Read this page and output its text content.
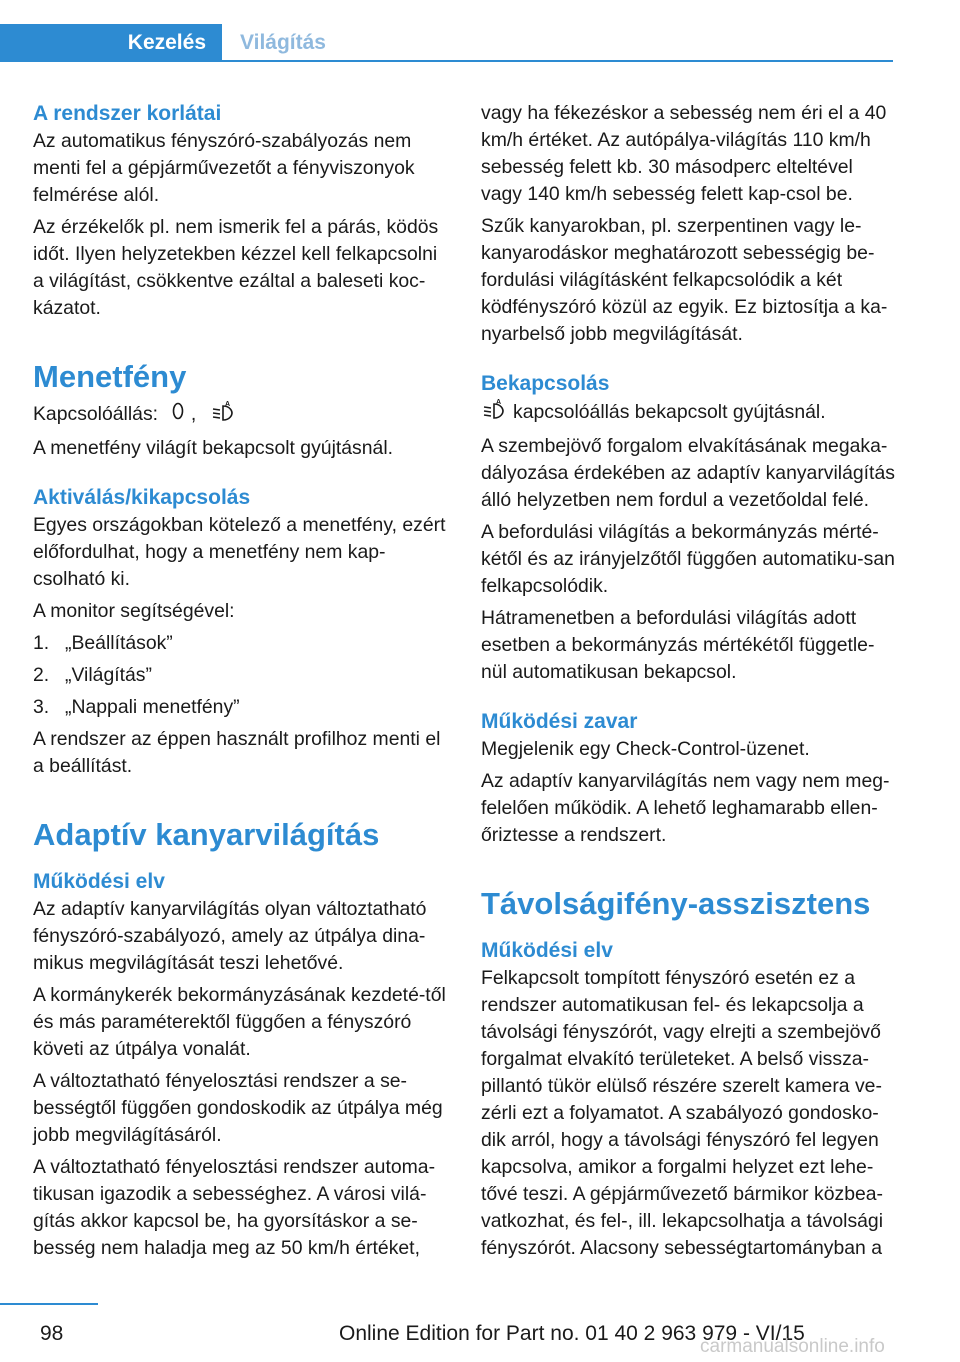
Kezelés	Világítás
A rendszer korlátai

Az automatikus fényszóró-szabályozás nem menti fel a gépjárművezetőt a fényviszonyok felmérése alól.

Az érzékelők pl. nem ismerik fel a párás, ködös időt. Ilyen helyzetekben kézzel kell felkapcsolni a világítást, csökkentve ezáltal a baleseti koc‐kázatot.

Menetfény

Kapcsolóállás: ,	A

A menetfény világít bekapcsolt gyújtásnál.

Aktiválás/kikapcsolás

Egyes országokban kötelező a menetfény, ezért előfordulhat, hogy a menetfény nem kap‐csolható ki.

A monitor segítségével:

1. „Beállítások”
2. „Világítás”
3. „Nappali menetfény”

A rendszer az éppen használt profilhoz menti el a beállítást.

Adaptív kanyarvilágítás
Működési elv

Az adaptív kanyarvilágítás olyan változtatható fényszóró-szabályozó, amely az útpálya dina‐mikus megvilágítását teszi lehetővé.

A kormánykerék bekormányzásának kezdeté‐től és más paraméterektől függően a fényszóró követi az útpálya vonalát.

A változtatható fényelosztási rendszer a se‐bességtől függően gondoskodik az útpálya még jobb megvilágításáról.

A változtatható fényelosztási rendszer automa‐tikusan igazodik a sebességhez. A városi vilá‐gítás akkor kapcsol be, ha gyorsításkor a se‐besség nem haladja meg az 50 km/h értéket,

vagy ha fékezéskor a sebesség nem éri el a 40 km/h értéket. Az autópálya-világítás 110 km/h sebesség felett kb. 30 másodperc elteltével vagy 140 km/h sebesség felett kap‐csol be.

Szűk kanyarokban, pl. szerpentinen vagy le‐kanyarodáskor meghatározott sebességig be‐fordulási világításként felkapcsolódik a két ködfényszóró közül az egyik. Ez biztosítja a ka‐nyarbelső jobb megvilágítását.

Bekapcsolás

A kapcsolóállás bekapcsolt gyújtásnál.

A szembejövő forgalom elvakításának megaka‐dályozása érdekében az adaptív kanyarvilágítás álló helyzetben nem fordul a vezetőoldal felé.

A befordulási világítás a bekormányzás mérté‐kétől és az irányjelzőtől függően automatiku‐san felkapcsolódik.

Hátramenetben a befordulási világítás adott esetben a bekormányzás mértékétől függetle‐nül automatikusan bekapcsol.

Működési zavar

Megjelenik egy Check-Control-üzenet.

Az adaptív kanyarvilágítás nem vagy nem meg‐felelően működik. A lehető leghamarabb ellen‐őriztesse a rendszert.

Távolságifény-asszisztens
Működési elv

Felkapcsolt tompított fényszóró esetén ez a rendszer automatikusan fel- és lekapcsolja a távolsági fényszórót, vagy elrejti a szembejövő forgalmat elvakító területeket. A belső vissza‐pillantó tükör elülső részére szerelt kamera ve‐zérli ezt a folyamatot. A szabályozó gondosko‐dik arról, hogy a távolsági fényszóró fel legyen kapcsolva, amikor a forgalmi helyzet ezt lehe‐tővé teszi. A gépjárművezető bármikor közbea‐vatkozhat, és fel-, ill. lekapcsolhatja a távolsági fényszórót. Alacsony sebességtartományban a

98	Online Edition for Part no. 01 40 2 963 979 - VI/15
carmanualsonline.info
